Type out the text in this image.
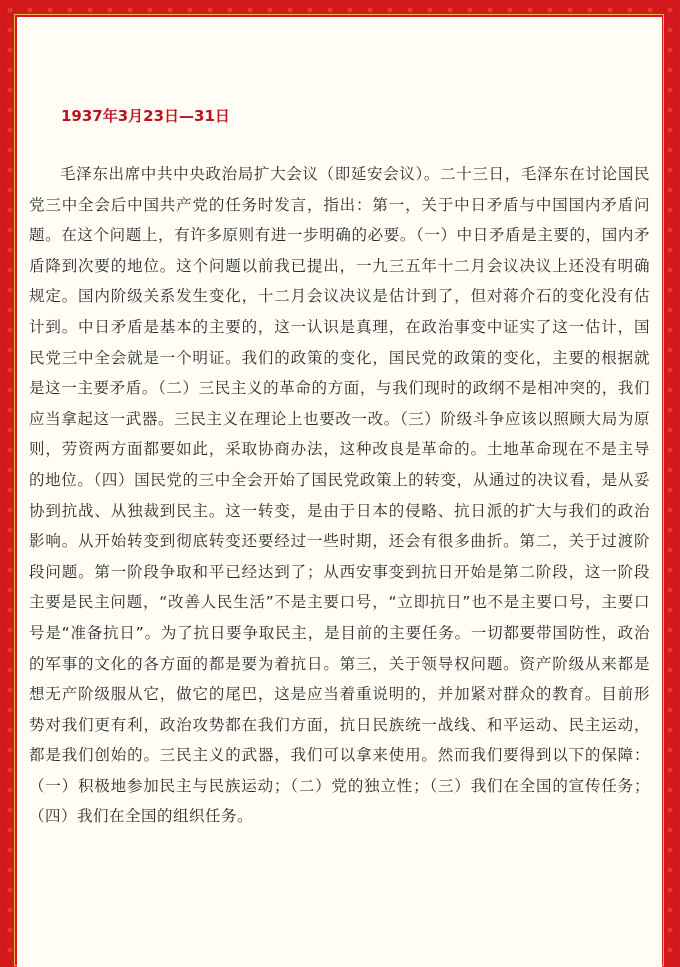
1937年3月23日—31日

毛泽东出席中共中央政治局扩大会议（即延安会议）。二十三日，毛泽东在讨论国民党三中全会后中国共产党的任务时发言，指出：第一，关于中日矛盾与中国国内矛盾问题。在这个问题上，有许多原则有进一步明确的必要。（一）中日矛盾是主要的，国内矛盾降到次要的地位。这个问题以前我已提出，一九三五年十二月会议决议上还没有明确规定。国内阶级关系发生变化，十二月会议决议是估计到了，但对蒋介石的变化没有估计到。中日矛盾是基本的主要的，这一认识是真理，在政治事变中证实了这一估计，国民党三中全会就是一个明证。我们的政策的变化，国民党的政策的变化，主要的根据就是这一主要矛盾。（二）三民主义的革命的方面，与我们现时的政纲不是相冲突的，我们应当拿起这一武器。三民主义在理论上也要改一改。（三）阶级斗争应该以照顾大局为原则，劳资两方面都要如此，采取协商办法，这种改良是革命的。土地革命现在不是主导的地位。（四）国民党的三中全会开始了国民党政策上的转变，从通过的决议看，是从妥协到抗战、从独裁到民主。这一转变，是由于日本的侵略、抗日派的扩大与我们的政治影响。从开始转变到彻底转变还要经过一些时期，还会有很多曲折。第二，关于过渡阶段问题。第一阶段争取和平已经达到了；从西安事变到抗日开始是第二阶段，这一阶段主要是民主问题，“改善人民生活”不是主要口号，“立即抗日”也不是主要口号，主要口号是“准备抗日”。为了抗日要争取民主，是目前的主要任务。一切都要带国防性，政治的军事的文化的各方面的都是要为着抗日。第三，关于领导权问题。资产阶级从来都是想无产阶级服从它，做它的尾巴，这是应当着重说明的，并加紧对群众的教育。目前形势对我们更有利，政治攻势都在我们方面，抗日民族统一战线、和平运动、民主运动，都是我们创始的。三民主义的武器，我们可以拿来使用。然而我们要得到以下的保障：（一）积极地参加民主与民族运动；（二）党的独立性；（三）我们在全国的宣传任务；（四）我们在全国的组织任务。
